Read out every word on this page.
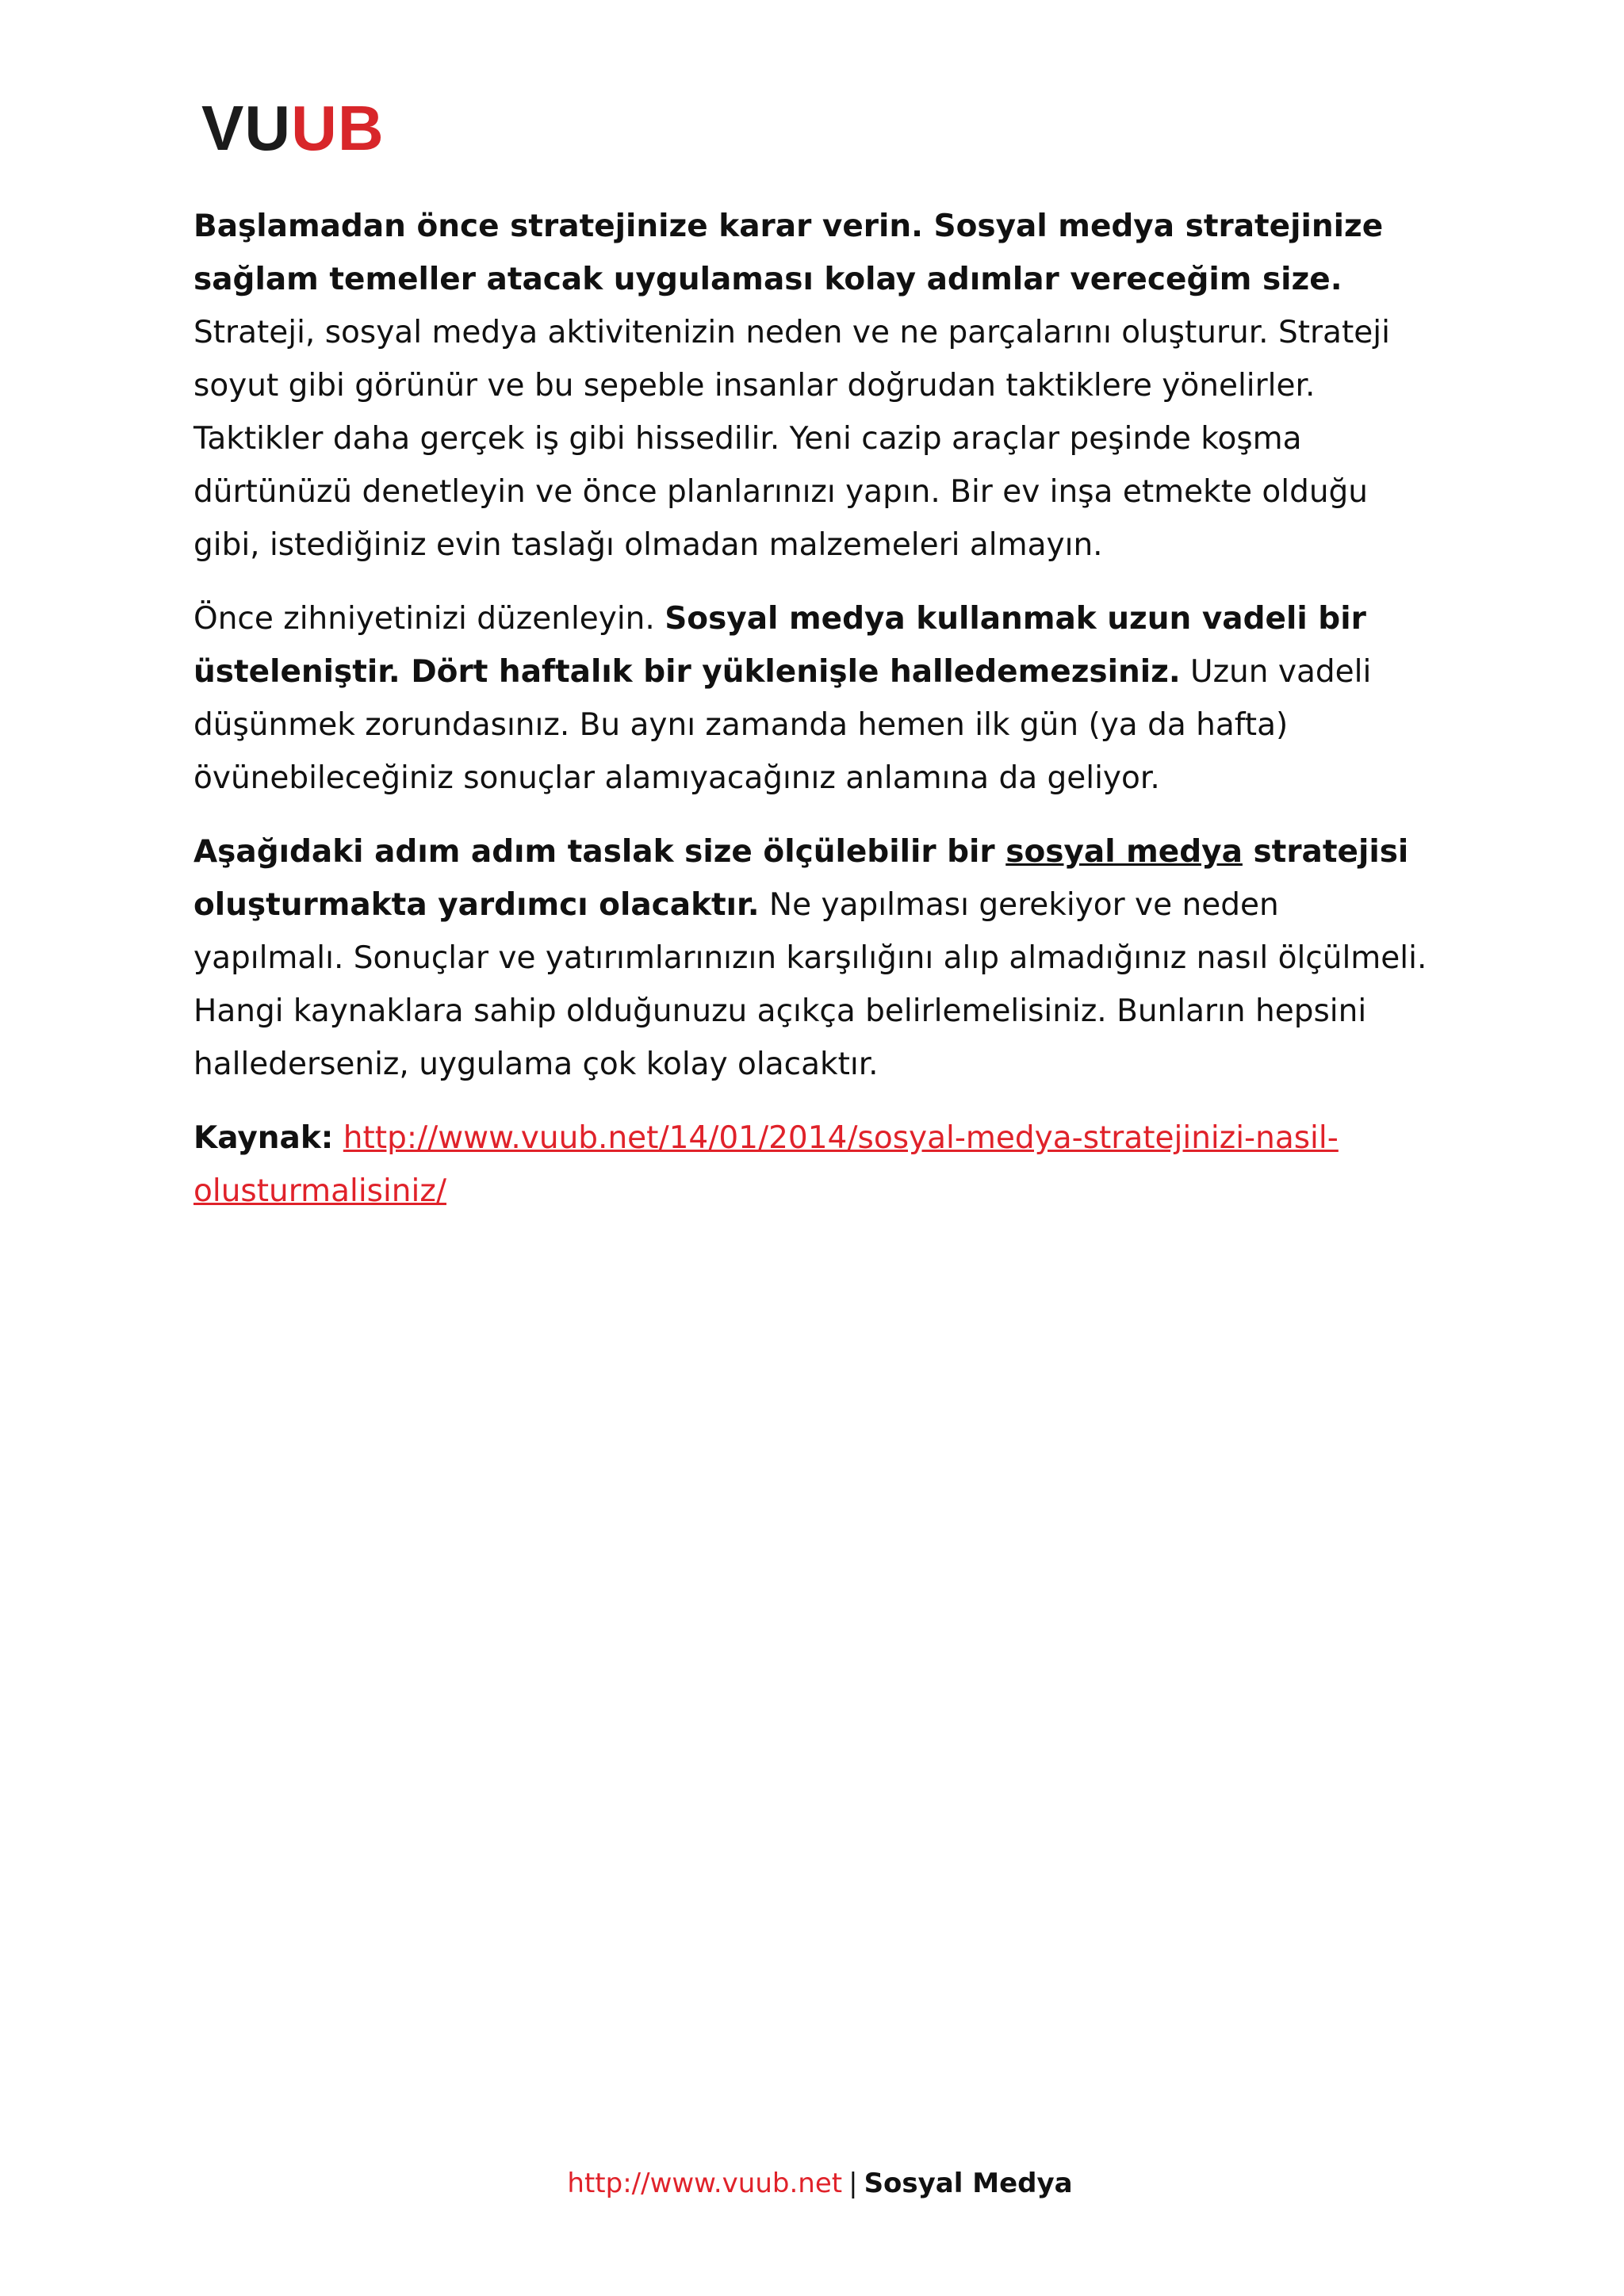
VUUB

Başlamadan önce stratejinize karar verin. Sosyal medya stratejinize sağlam temeller atacak uygulaması kolay adımlar vereceğim size. Strateji, sosyal medya aktivitenizin neden ve ne parçalarını oluşturur. Strateji soyut gibi görünür ve bu sepeble insanlar doğrudan taktiklere yönelirler. Taktikler daha gerçek iş gibi hissedilir. Yeni cazip araçlar peşinde koşma dürtünüzü denetleyin ve önce planlarınızı yapın. Bir ev inşa etmekte olduğu gibi, istediğiniz evin taslağı olmadan malzemeleri almayın.

Önce zihniyetinizi düzenleyin. Sosyal medya kullanmak uzun vadeli bir üstelenişti̇r. Dört haftalık bir yüklenişle halledemezsiniz. Uzun vadeli düşünmek zorundasınız. Bu aynı zamanda hemen ilk gün (ya da hafta) övünebileceğiniz sonuçlar alamıyacağınız anlamına da geliyor.

Aşağıdaki adım adım taslak size ölçülebilir bir sosyal medya stratejisi oluşturmakta yardımcı olacaktır. Ne yapılması gerekiyor ve neden yapılmalı. Sonuçlar ve yatırımlarınızın karşılığını alıp almadığınız nasıl ölçülmeli. Hangi kaynaklara sahip olduğunuzu açıkça belirlemelisiniz. Bunların hepsini hallederseniz, uygulama çok kolay olacaktır.

Kaynak: http://www.vuub.net/14/01/2014/sosyal-medya-stratejinizi-nasil-olusturmalisiniz/

http://www.vuub.net | Sosyal Medya
